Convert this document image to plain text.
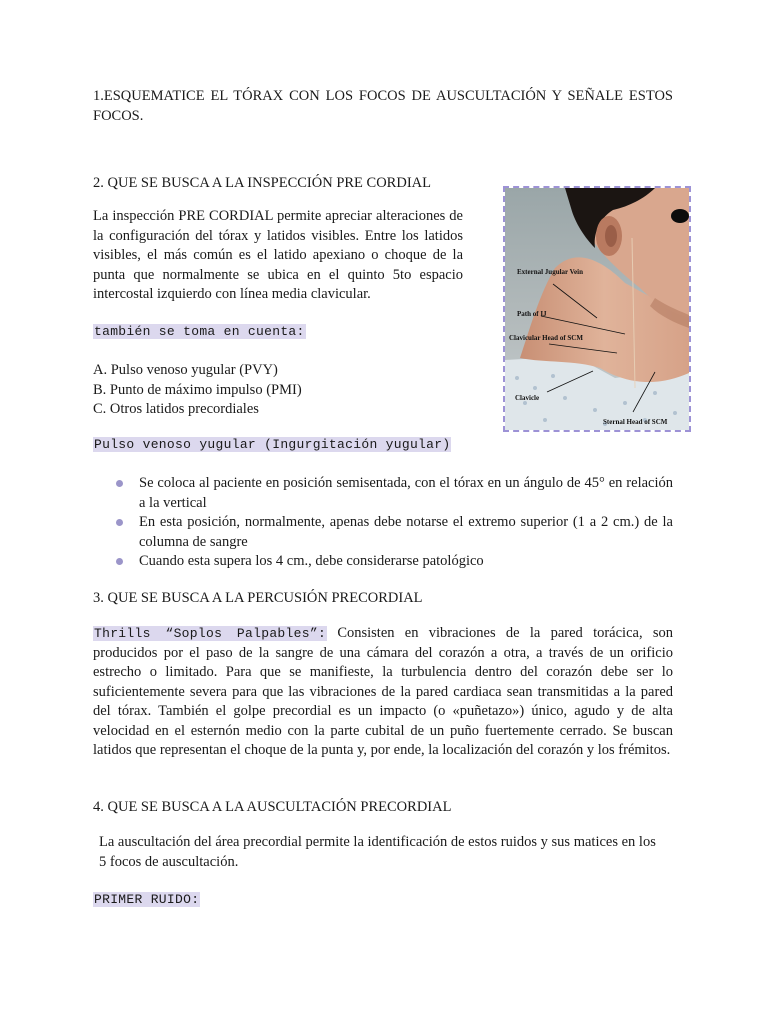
1.ESQUEMATICE EL TÓRAX CON LOS FOCOS DE AUSCULTACIÓN Y SEÑALE ESTOS FOCOS.

2. QUE SE BUSCA A LA INSPECCIÓN PRE CORDIAL

La inspección PRE CORDIAL permite apreciar alteraciones de la configuración del tórax y latidos visibles. Entre los latidos visibles, el más común es el latido apexiano o choque de la punta que normalmente se ubica en el quinto 5to espacio intercostal izquierdo con línea media clavicular.

también se toma en cuenta:

A. Pulso venoso yugular (PVY)
B. Punto de máximo impulso (PMI)
C. Otros latidos precordiales

Pulso venoso yugular (Ingurgitación yugular)

Se coloca al paciente en posición semisentada, con el tórax en un ángulo de 45° en relación a la vertical
En esta posición, normalmente, apenas debe notarse el extremo superior (1 a 2 cm.) de la columna de sangre
Cuando esta supera los 4 cm., debe considerarse patológico
External Jugular Vein
Path of IJ
Clavicular Head of SCM
Clavicle
Sternal Head of SCM

3. QUE SE BUSCA A LA PERCUSIÓN PRECORDIAL

Thrills “Soplos Palpables”: Consisten en vibraciones de la pared torácica, son producidos por el paso de la sangre de una cámara del corazón a otra, a través de un orificio estrecho o limitado. Para que se manifieste, la turbulencia dentro del corazón debe ser lo suficientemente severa para que las vibraciones de la pared cardiaca sean transmitidas a la pared del tórax. También el golpe precordial es un impacto (o «puñetazo») único, agudo y de alta velocidad en el esternón medio con la parte cubital de un puño fuertemente cerrado. Se buscan latidos que representan el choque de la punta y, por ende, la localización del corazón y los frémitos.

4. QUE SE BUSCA A LA AUSCULTACIÓN PRECORDIAL

La auscultación del área precordial permite la identificación de estos ruidos y sus matices en los 5 focos de auscultación.

PRIMER RUIDO:
